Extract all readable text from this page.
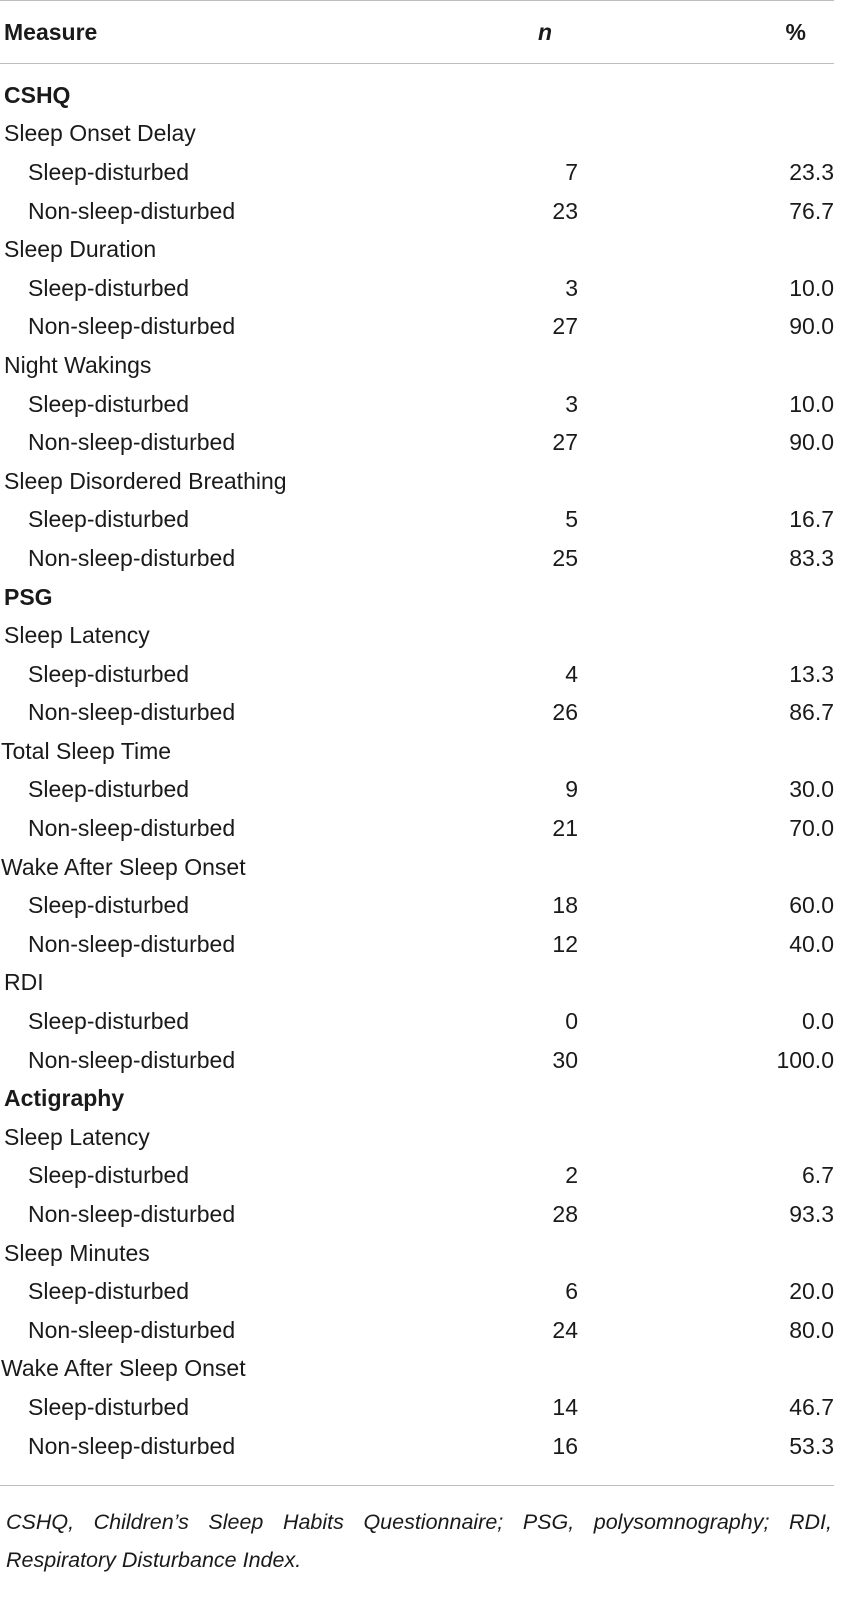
Measure	n	%
CSHQ
Sleep Onset Delay
Sleep-disturbed	7	23.3
Non-sleep-disturbed	23	76.7
Sleep Duration
Sleep-disturbed	3	10.0
Non-sleep-disturbed	27	90.0
Night Wakings
Sleep-disturbed	3	10.0
Non-sleep-disturbed	27	90.0
Sleep Disordered Breathing
Sleep-disturbed	5	16.7
Non-sleep-disturbed	25	83.3
PSG
Sleep Latency
Sleep-disturbed	4	13.3
Non-sleep-disturbed	26	86.7
Total Sleep Time
Sleep-disturbed	9	30.0
Non-sleep-disturbed	21	70.0
Wake After Sleep Onset
Sleep-disturbed	18	60.0
Non-sleep-disturbed	12	40.0
RDI
Sleep-disturbed	0	0.0
Non-sleep-disturbed	30	100.0
Actigraphy
Sleep Latency
Sleep-disturbed	2	6.7
Non-sleep-disturbed	28	93.3
Sleep Minutes
Sleep-disturbed	6	20.0
Non-sleep-disturbed	24	80.0
Wake After Sleep Onset
Sleep-disturbed	14	46.7
Non-sleep-disturbed	16	53.3
CSHQ, Children’s Sleep Habits Questionnaire; PSG, polysomnography; RDI, Respiratory Disturbance Index.
